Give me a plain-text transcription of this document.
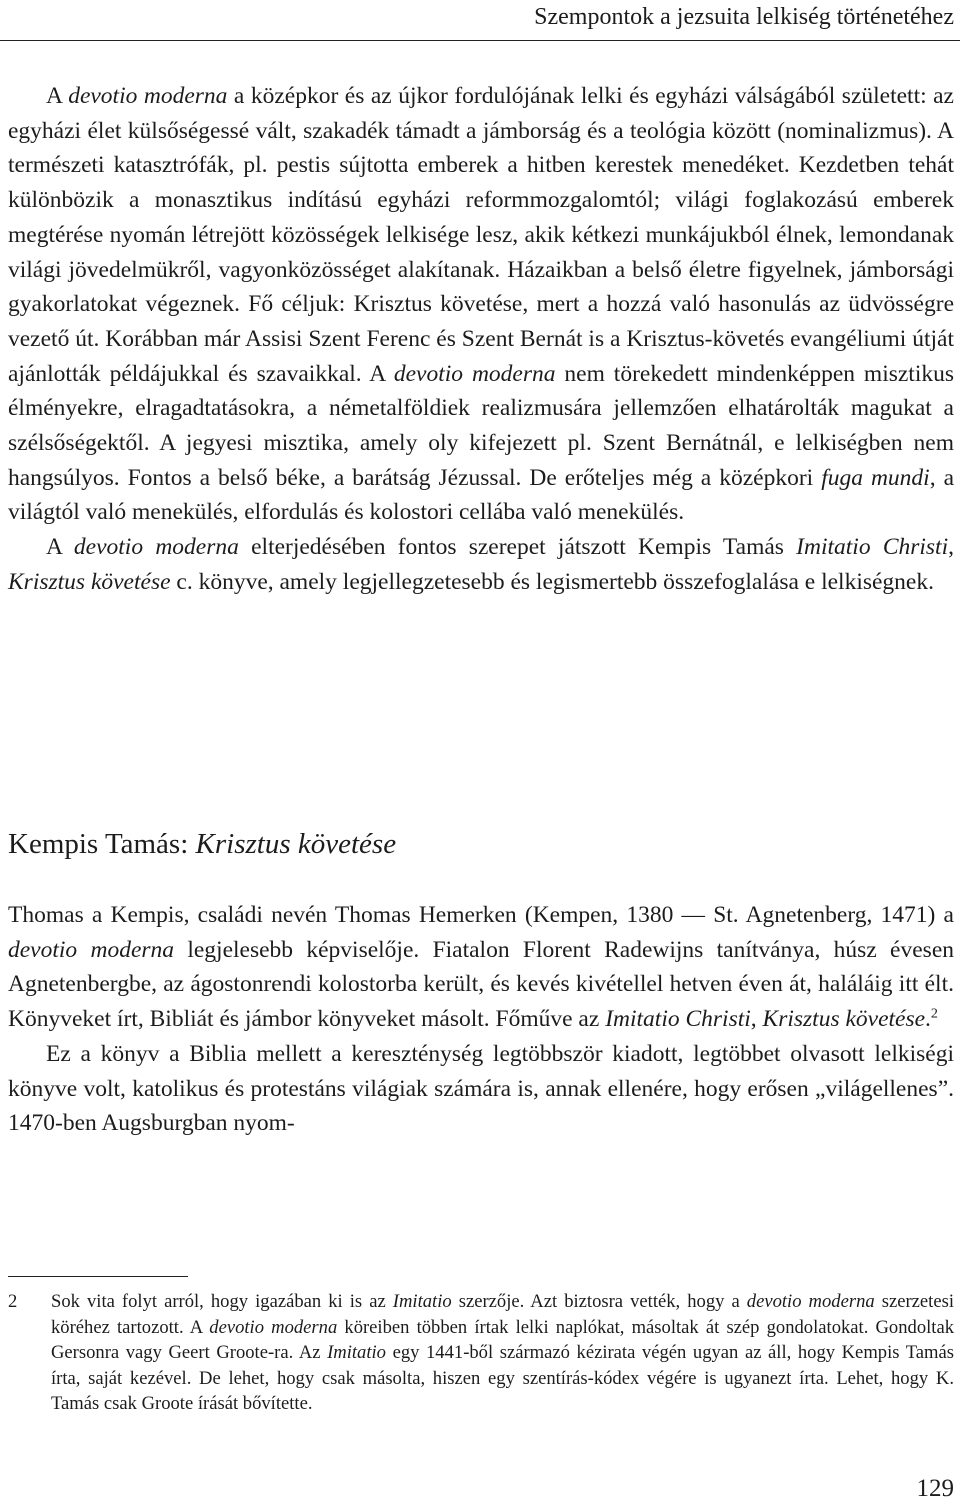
Szempontok a jezsuita lelkiség történetéhez

A devotio moderna a középkor és az újkor fordulójának lelki és egyházi válságából született: az egyházi élet külsőségessé vált, szakadék támadt a jámborság és a teológia között (nominalizmus). A természeti katasztrófák, pl. pestis sújtotta emberek a hitben kerestek menedéket. Kezdetben tehát különbözik a monasztikus indítású egyházi reformmozgalomtól; világi foglakozású emberek megtérése nyomán létrejött közösségek lelkisége lesz, akik kétkezi munkájukból élnek, lemondanak világi jövedelmükről, vagyonközösséget alakítanak. Házaikban a belső életre figyelnek, jámborsági gyakorlatokat végeznek. Fő céljuk: Krisztus követése, mert a hozzá való hasonulás az üdvösségre vezető út. Korábban már Assisi Szent Ferenc és Szent Bernát is a Krisztus-követés evangéliumi útját ajánlották példájukkal és szavaikkal. A devotio moderna nem törekedett mindenképpen misztikus élményekre, elragadtatásokra, a németalföldiek realizmusára jellemzően elhatárolták magukat a szélsőségektől. A jegyesi misztika, amely oly kifejezett pl. Szent Bernátnál, e lelkiségben nem hangsúlyos. Fontos a belső béke, a barátság Jézussal. De erőteljes még a középkori fuga mundi, a világtól való menekülés, elfordulás és kolostori cellába való menekülés.

A devotio moderna elterjedésében fontos szerepet játszott Kempis Tamás Imitatio Christi, Krisztus követése c. könyve, amely legjellegzetesebb és legismertebb összefoglalása e lelkiségnek.

Kempis Tamás: Krisztus követése

Thomas a Kempis, családi nevén Thomas Hemerken (Kempen, 1380 — St. Agnetenberg, 1471) a devotio moderna legjelesebb képviselője. Fiatalon Florent Radewijns tanítványa, húsz évesen Agnetenbergbe, az ágostonrendi kolostorba került, és kevés kivétellel hetven éven át, haláláig itt élt. Könyveket írt, Bibliát és jámbor könyveket másolt. Főműve az Imitatio Christi, Krisztus követése.$^2$

Ez a könyv a Biblia mellett a kereszténység legtöbbször kiadott, legtöbbet olvasott lelkiségi könyve volt, katolikus és protestáns világiak számára is, annak ellenére, hogy erősen „világellenes”. 1470-ben Augsburgban nyom-

2 Sok vita folyt arról, hogy igazában ki is az Imitatio szerzője. Azt biztosra vették, hogy a devotio moderna szerzetesi köréhez tartozott. A devotio moderna köreiben többen írtak lelki naplókat, másoltak át szép gondolatokat. Gondoltak Gersonra vagy Geert Groote-ra. Az Imitatio egy 1441-ből származó kézirata végén ugyan az áll, hogy Kempis Tamás írta, saját kezével. De lehet, hogy csak másolta, hiszen egy szentírás-kódex végére is ugyanezt írta. Lehet, hogy K. Tamás csak Groote írását bővítette.
129
